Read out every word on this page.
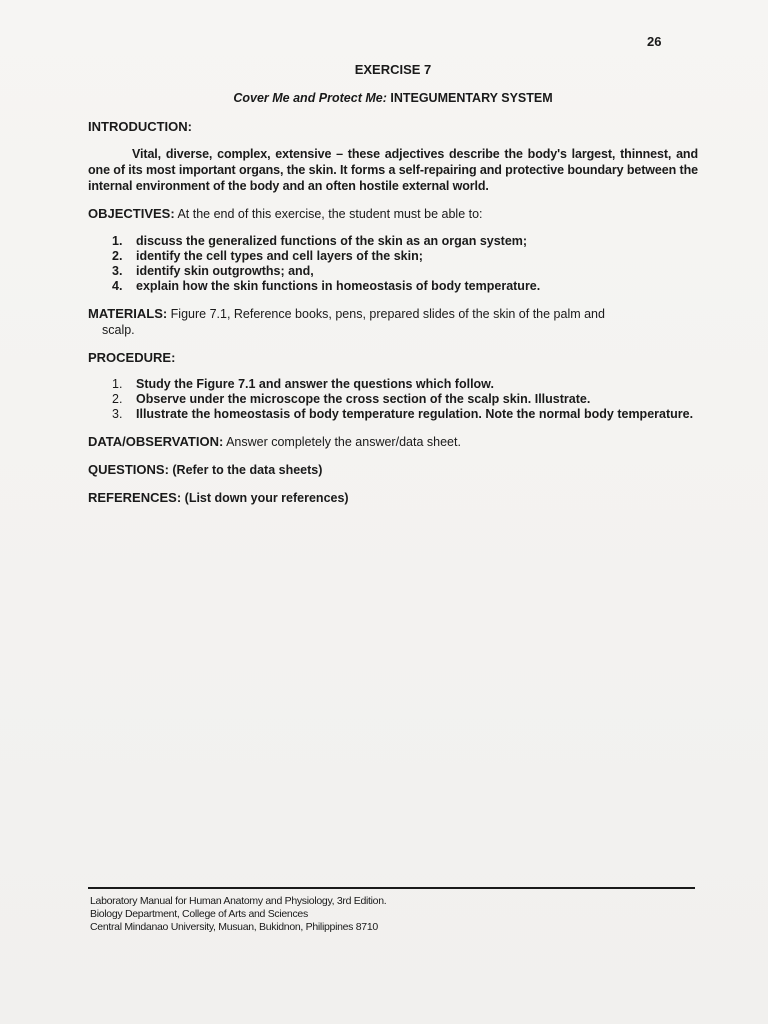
26
EXERCISE 7
Cover Me and Protect Me: INTEGUMENTARY SYSTEM
INTRODUCTION:

Vital, diverse, complex, extensive – these adjectives describe the body's largest, thinnest, and one of its most important organs, the skin. It forms a self-repairing and protective boundary between the internal environment of the body and an often hostile external world.

OBJECTIVES: At the end of this exercise, the student must be able to:
1.	discuss the generalized functions of the skin as an organ system;
2.	identify the cell types and cell layers of the skin;
3.	identify skin outgrowths; and,
4.	explain how the skin functions in homeostasis of body temperature.
MATERIALS: Figure 7.1, Reference books, pens, prepared slides of the skin of the palm and
scalp.
PROCEDURE:
1.	Study the Figure 7.1 and answer the questions which follow.
2.	Observe under the microscope the cross section of the scalp skin. Illustrate.
3.	Illustrate the homeostasis of body temperature regulation. Note the normal body temperature.
DATA/OBSERVATION: Answer completely the answer/data sheet.
QUESTIONS: (Refer to the data sheets)
REFERENCES: (List down your references)
Laboratory Manual for Human Anatomy and Physiology, 3rd Edition.
Biology Department, College of Arts and Sciences
Central Mindanao University, Musuan, Bukidnon, Philippines 8710
